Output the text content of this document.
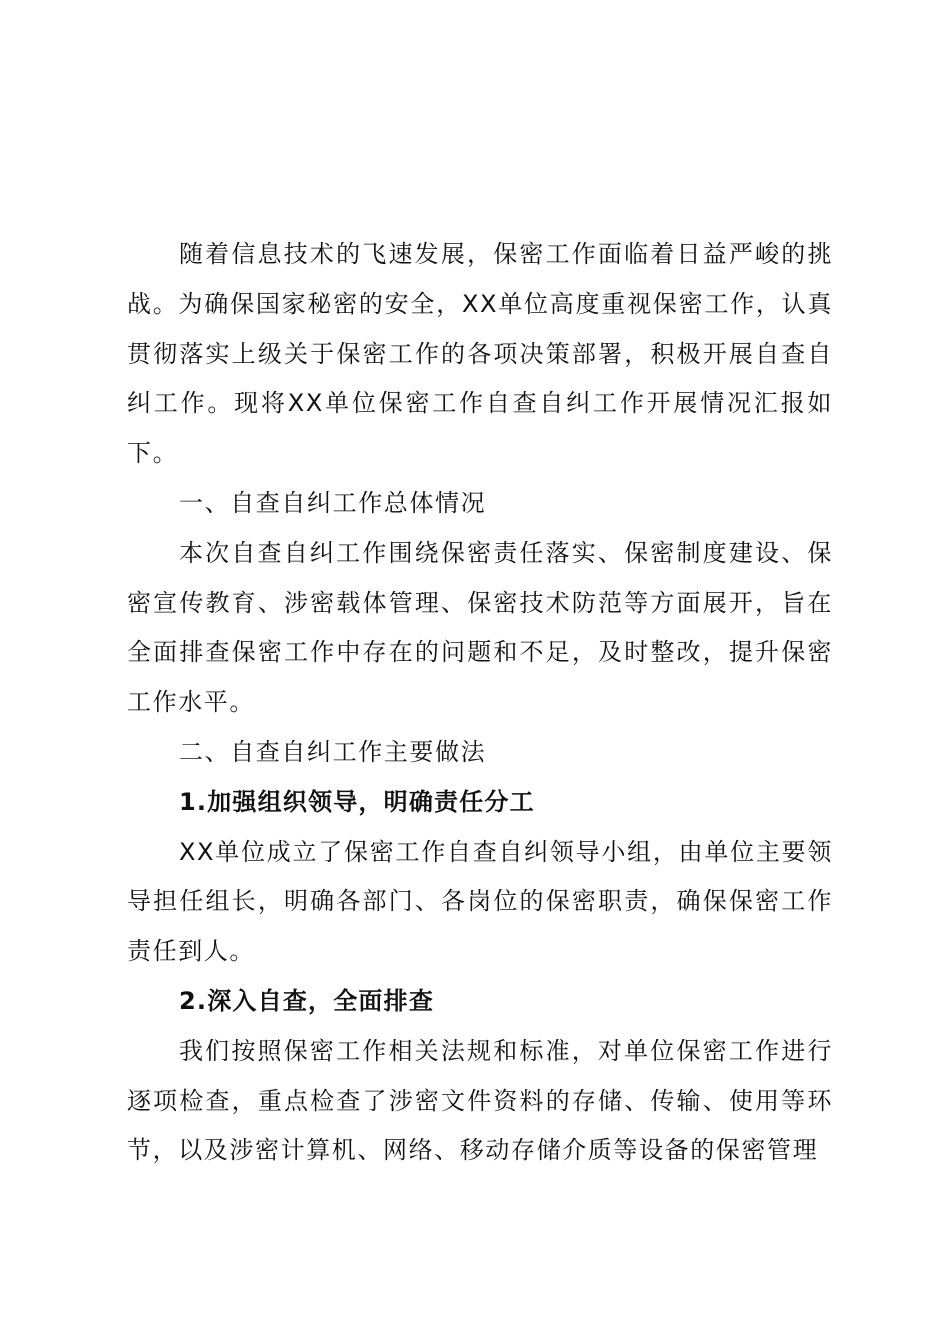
随着信息技术的飞速发展，保密工作面临着日益严峻的挑战。为确保国家秘密的安全，XX单位高度重视保密工作，认真贯彻落实上级关于保密工作的各项决策部署，积极开展自查自纠工作。现将XX单位保密工作自查自纠工作开展情况汇报如下。

一、自查自纠工作总体情况

本次自查自纠工作围绕保密责任落实、保密制度建设、保密宣传教育、涉密载体管理、保密技术防范等方面展开，旨在全面排查保密工作中存在的问题和不足，及时整改，提升保密工作水平。

二、自查自纠工作主要做法

1.加强组织领导，明确责任分工

XX单位成立了保密工作自查自纠领导小组，由单位主要领导担任组长，明确各部门、各岗位的保密职责，确保保密工作责任到人。

2.深入自查，全面排查

我们按照保密工作相关法规和标准，对单位保密工作进行逐项检查，重点检查了涉密文件资料的存储、传输、使用等环节，以及涉密计算机、网络、移动存储介质等设备的保密管理
